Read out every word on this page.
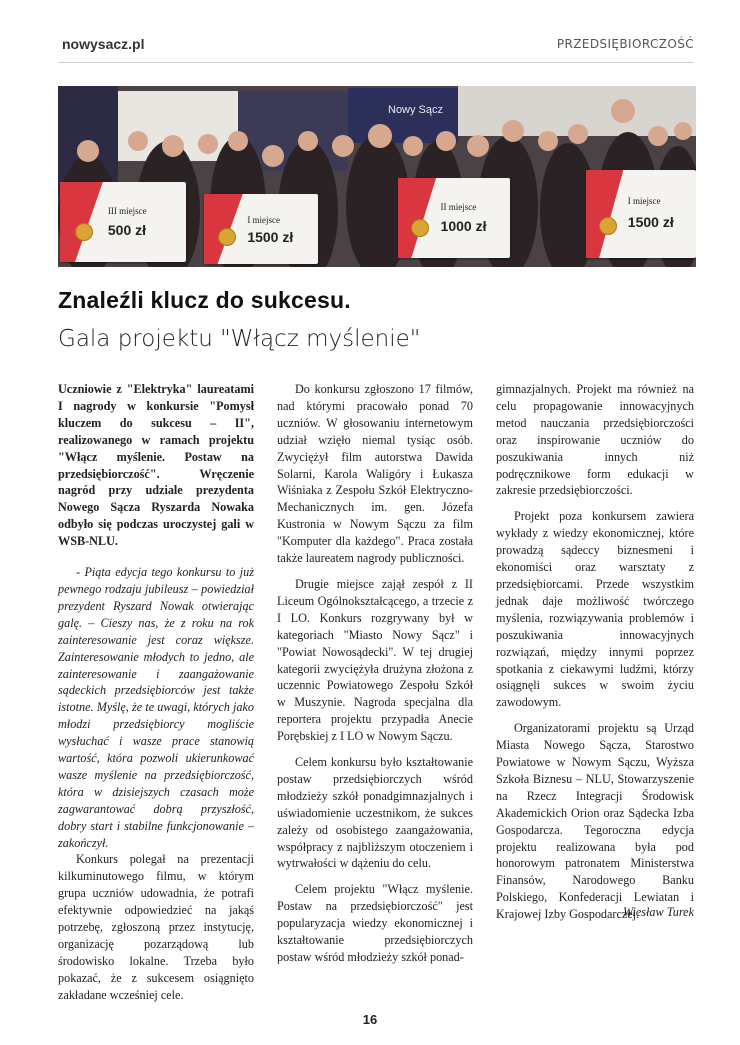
nowysacz.pl	PRZEDSIĘBIORCZOŚĆ
Nowy Sącz
III miejsce
500 zł
I miejsce
1500 zł
II miejsce
1000 zł
I miejsce
1500 zł
Znaleźli klucz do sukcesu.
Gala projektu "Włącz myślenie"

Uczniowie z "Elektryka" laureatami I nagrody w konkursie "Pomysł kluczem do sukcesu – II", realizowanego w ramach projektu "Włącz myślenie. Postaw na przedsiębiorczość". Wręczenie nagród przy udziale prezydenta Nowego Sącza Ryszarda Nowaka odbyło się podczas uroczystej gali w WSB-NLU.

- Piąta edycja tego konkursu to już pewnego rodzaju jubileusz – powiedział prezydent Ryszard Nowak otwierając galę. – Cieszy nas, że z roku na rok zainteresowanie jest coraz większe. Zainteresowanie młodych to jedno, ale zainteresowanie i zaangażowanie sądeckich przedsiębiorców jest także istotne. Myślę, że te uwagi, których jako młodzi przedsiębiorcy mogliście wysłuchać i wasze prace stanowią wartość, która pozwoli ukierunkować wasze myślenie na przedsiębiorczość, która w dzisiejszych czasach może zagwarantować dobrą przyszłość, dobry start i stabilne funkcjonowanie – zakończył.

Konkurs polegał na prezentacji kilkuminutowego filmu, w którym grupa uczniów udowadnia, że potrafi efektywnie odpowiedzieć na jakąś potrzebę, zgłoszoną przez instytucję, organizację pozarządową lub środowisko lokalne. Trzeba było pokazać, że z sukcesem osiągnięto zakładane wcześniej cele.

Do konkursu zgłoszono 17 filmów, nad którymi pracowało ponad 70 uczniów. W głosowaniu internetowym udział wzięło niemal tysiąc osób. Zwyciężył film autorstwa Dawida Solarni, Karola Waligóry i Łukasza Wiśniaka z Zespołu Szkół Elektryczno-Mechanicznych im. gen. Józefa Kustronia w Nowym Sączu za film "Komputer dla każdego". Praca została także laureatem nagrody publiczności.

Drugie miejsce zajął zespół z II Liceum Ogólnokształcącego, a trzecie z I LO. Konkurs rozgrywany był w kategoriach "Miasto Nowy Sącz" i "Powiat Nowosądecki". W tej drugiej kategorii zwyciężyła drużyna złożona z uczennic Powiatowego Zespołu Szkół w Muszynie. Nagroda specjalna dla reportera projektu przypadła Anecie Porębskiej z I LO w Nowym Sączu.

Celem konkursu było kształtowanie postaw przedsiębiorczych wśród młodzieży szkół ponadgimnazjalnych i uświadomienie uczestnikom, że sukces zależy od osobistego zaangażowania, współpracy z najbliższym otoczeniem i wytrwałości w dążeniu do celu.

Celem projektu "Włącz myślenie. Postaw na przedsiębiorczość" jest popularyzacja wiedzy ekonomicznej i kształtowanie przedsiębiorczych postaw wśród młodzieży szkół ponad-

gimnazjalnych. Projekt ma również na celu propagowanie innowacyjnych metod nauczania przedsiębiorczości oraz inspirowanie uczniów do poszukiwania innych niż podręcznikowe form edukacji w zakresie przedsiębiorczości.

Projekt poza konkursem zawiera wykłady z wiedzy ekonomicznej, które prowadzą sądeccy biznesmeni i ekonomiści oraz warsztaty z przedsiębiorcami. Przede wszystkim jednak daje możliwość twórczego myślenia, rozwiązywania problemów i poszukiwania innowacyjnych rozwiązań, między innymi poprzez spotkania z ciekawymi ludźmi, którzy osiągnęli sukces w swoim życiu zawodowym.

Organizatorami projektu są Urząd Miasta Nowego Sącza, Starostwo Powiatowe w Nowym Sączu, Wyższa Szkoła Biznesu – NLU, Stowarzyszenie na Rzecz Integracji Środowisk Akademickich Orion oraz Sądecka Izba Gospodarcza. Tegoroczna edycja projektu realizowana była pod honorowym patronatem Ministerstwa Finansów, Narodowego Banku Polskiego, Konfederacji Lewiatan i Krajowej Izby Gospodarczej.

Wiesław Turek
16
